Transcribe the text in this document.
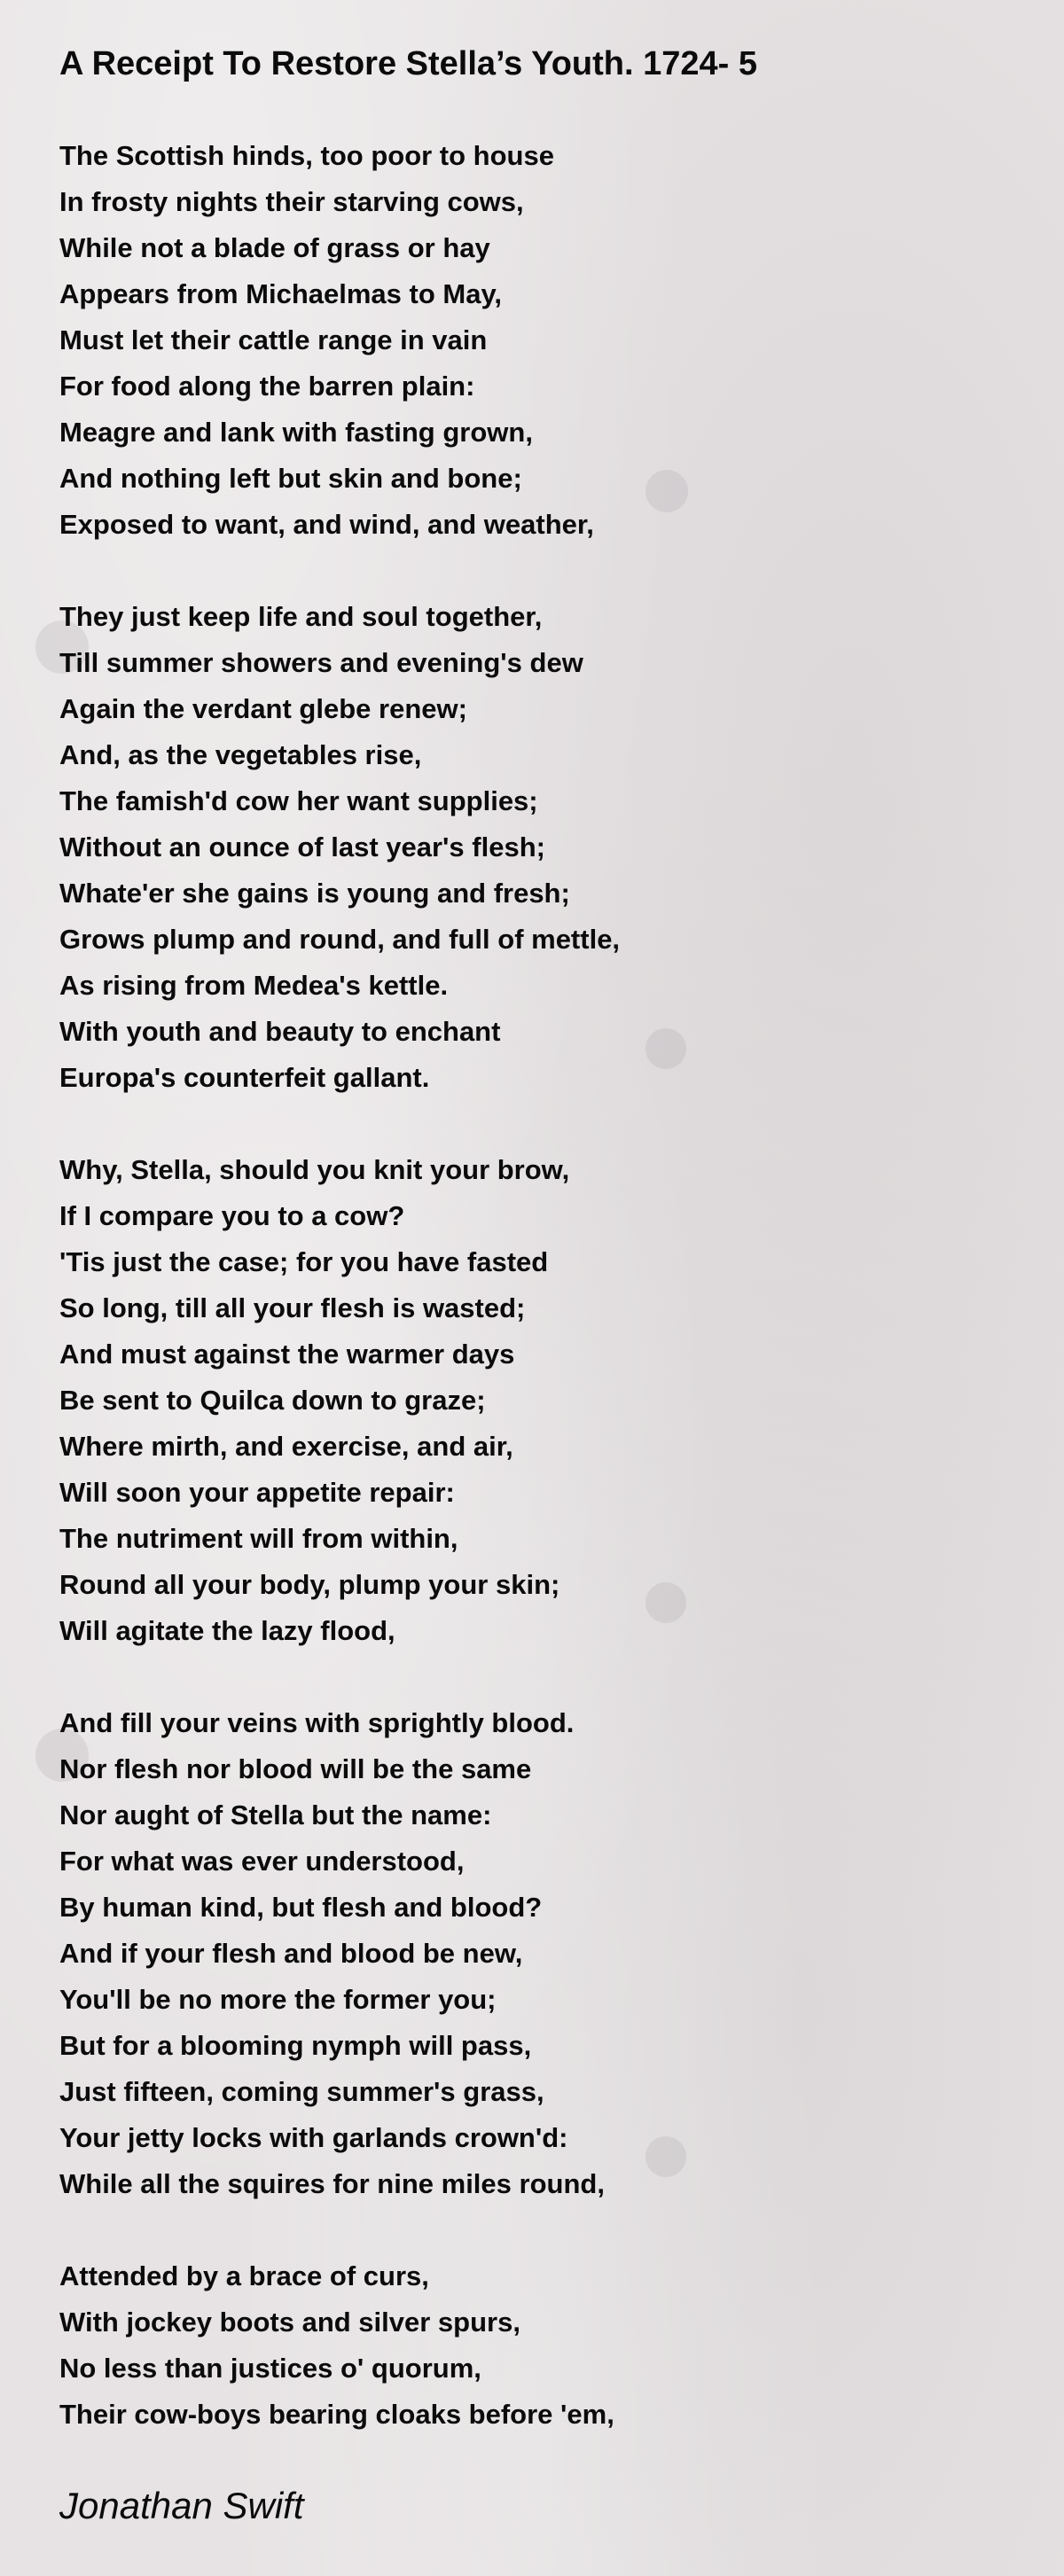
A Receipt To Restore Stella’s Youth. 1724- 5
The Scottish hinds, too poor to house
In frosty nights their starving cows,
While not a blade of grass or hay
Appears from Michaelmas to May,
Must let their cattle range in vain
For food along the barren plain:
Meagre and lank with fasting grown,
And nothing left but skin and bone;
Exposed to want, and wind, and weather,
They just keep life and soul together,
Till summer showers and evening's dew
Again the verdant glebe renew;
And, as the vegetables rise,
The famish'd cow her want supplies;
Without an ounce of last year's flesh;
Whate'er she gains is young and fresh;
Grows plump and round, and full of mettle,
As rising from Medea's kettle.
With youth and beauty to enchant
Europa's counterfeit gallant.
Why, Stella, should you knit your brow,
If I compare you to a cow?
'Tis just the case; for you have fasted
So long, till all your flesh is wasted;
And must against the warmer days
Be sent to Quilca down to graze;
Where mirth, and exercise, and air,
Will soon your appetite repair:
The nutriment will from within,
Round all your body, plump your skin;
Will agitate the lazy flood,
And fill your veins with sprightly blood.
Nor flesh nor blood will be the same
Nor aught of Stella but the name:
For what was ever understood,
By human kind, but flesh and blood?
And if your flesh and blood be new,
You'll be no more the former you;
But for a blooming nymph will pass,
Just fifteen, coming summer's grass,
Your jetty locks with garlands crown'd:
While all the squires for nine miles round,
Attended by a brace of curs,
With jockey boots and silver spurs,
No less than justices o' quorum,
Their cow-boys bearing cloaks before 'em,
Jonathan Swift
